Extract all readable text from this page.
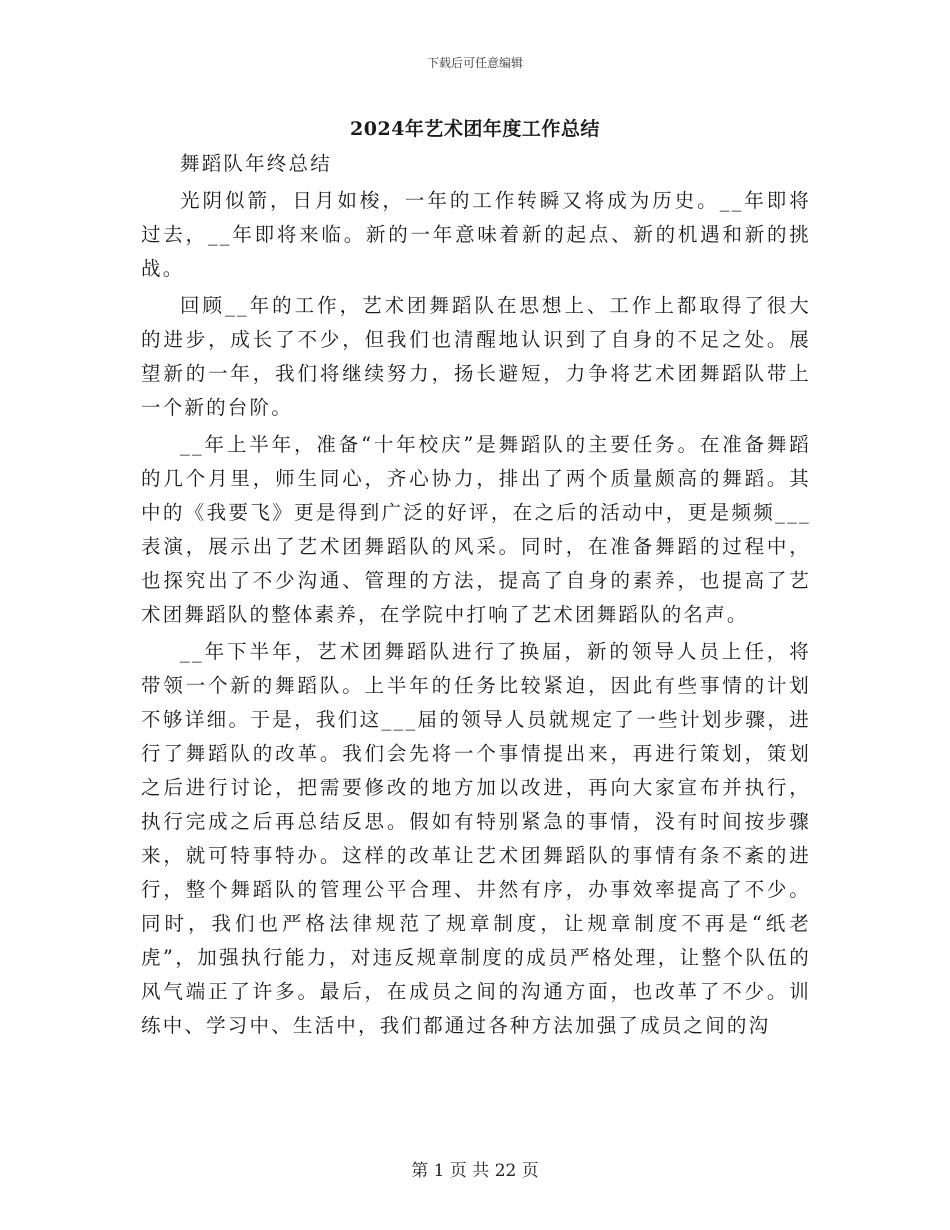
下载后可任意编辑
2024年艺术团年度工作总结

舞蹈队年终总结

光阴似箭，日月如梭，一年的工作转瞬又将成为历史。__年即将过去，__年即将来临。新的一年意味着新的起点、新的机遇和新的挑战。

回顾__年的工作，艺术团舞蹈队在思想上、工作上都取得了很大的进步，成长了不少，但我们也清醒地认识到了自身的不足之处。展望新的一年，我们将继续努力，扬长避短，力争将艺术团舞蹈队带上一个新的台阶。

__年上半年，准备“十年校庆”是舞蹈队的主要任务。在准备舞蹈的几个月里，师生同心，齐心协力，排出了两个质量颇高的舞蹈。其中的《我要飞》更是得到广泛的好评，在之后的活动中，更是频频___表演，展示出了艺术团舞蹈队的风采。同时，在准备舞蹈的过程中，也探究出了不少沟通、管理的方法，提高了自身的素养，也提高了艺术团舞蹈队的整体素养，在学院中打响了艺术团舞蹈队的名声。

__年下半年，艺术团舞蹈队进行了换届，新的领导人员上任，将带领一个新的舞蹈队。上半年的任务比较紧迫，因此有些事情的计划不够详细。于是，我们这___届的领导人员就规定了一些计划步骤，进行了舞蹈队的改革。我们会先将一个事情提出来，再进行策划，策划之后进行讨论，把需要修改的地方加以改进，再向大家宣布并执行，执行完成之后再总结反思。假如有特别紧急的事情，没有时间按步骤来，就可特事特办。这样的改革让艺术团舞蹈队的事情有条不紊的进行，整个舞蹈队的管理公平合理、井然有序，办事效率提高了不少。同时，我们也严格法律规范了规章制度，让规章制度不再是“纸老虎”，加强执行能力，对违反规章制度的成员严格处理，让整个队伍的风气端正了许多。最后，在成员之间的沟通方面，也改革了不少。训练中、学习中、生活中，我们都通过各种方法加强了成员之间的沟

第 1 页 共 22 页
